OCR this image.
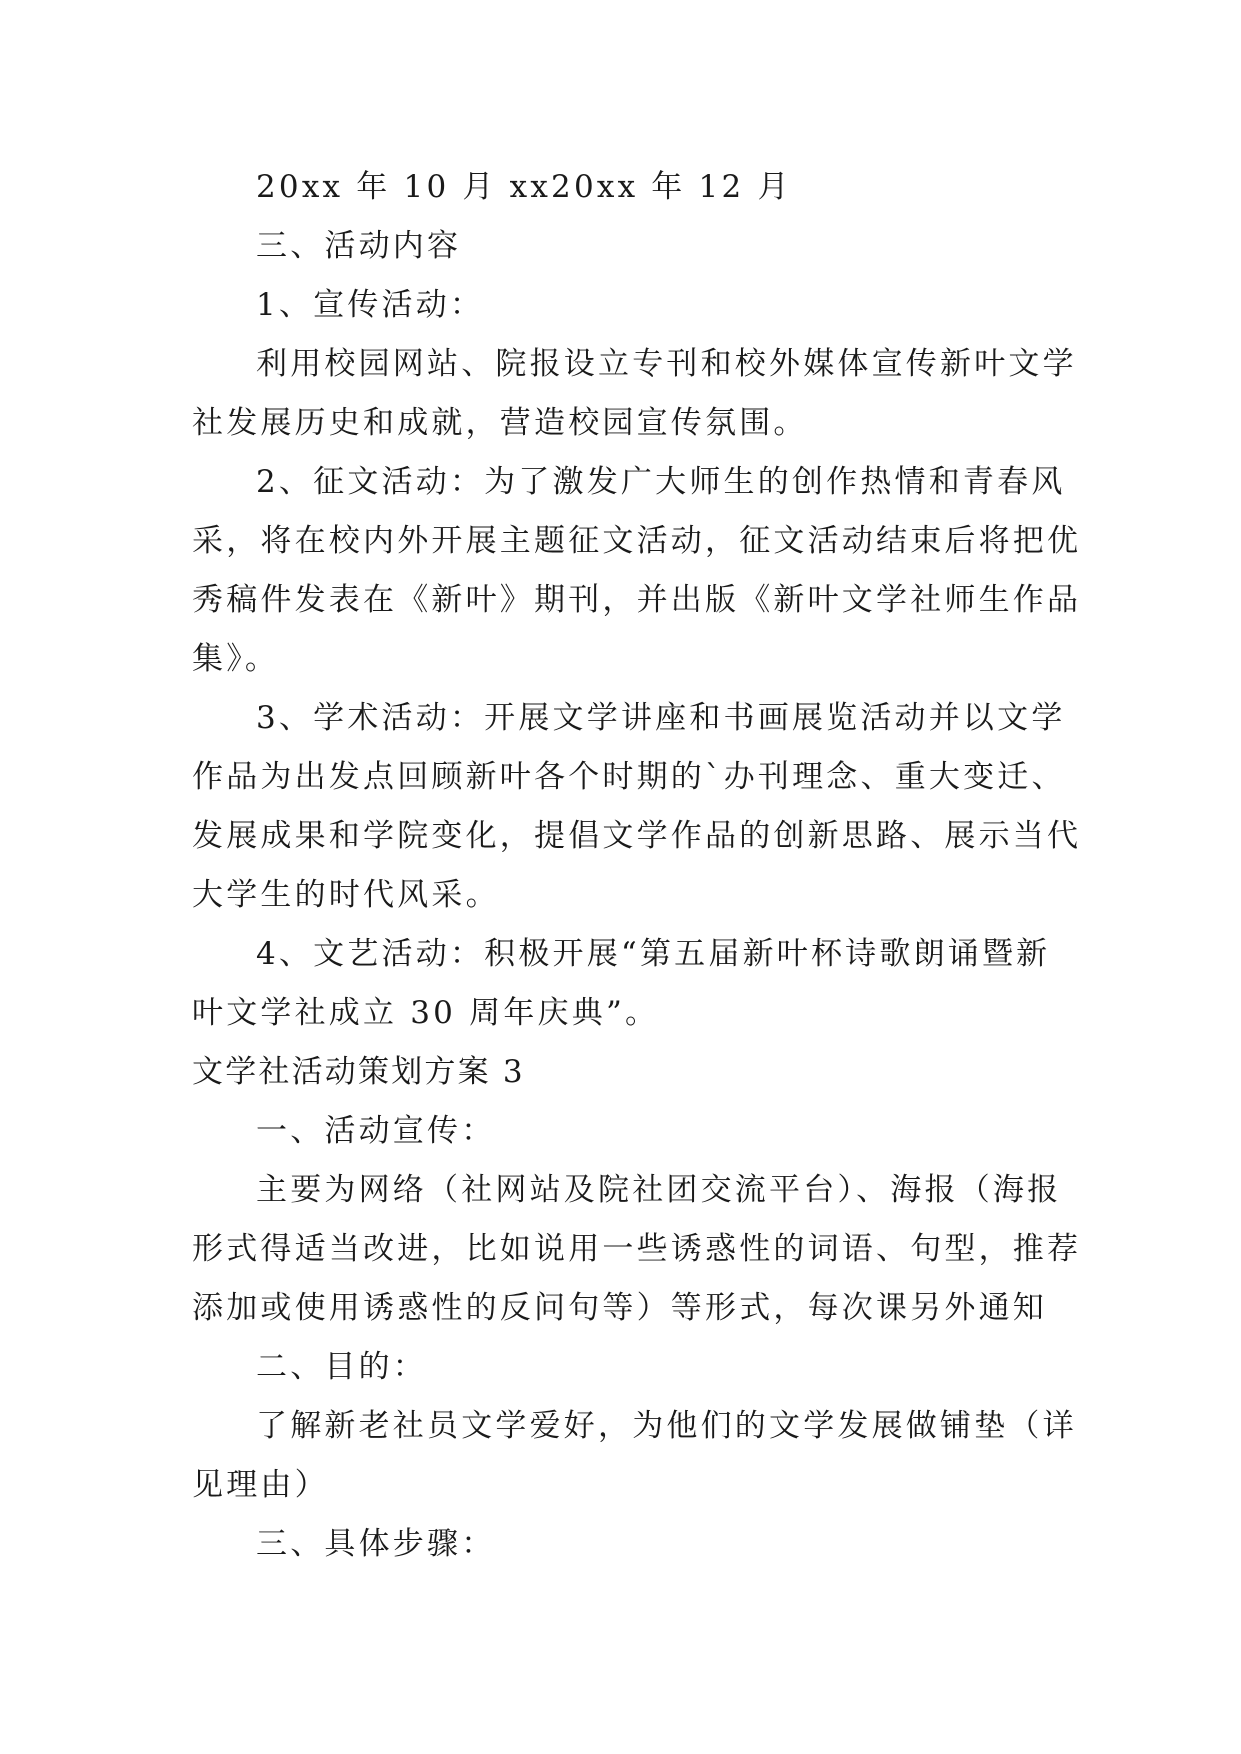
20xx 年 10 月 xx20xx 年 12 月

三、活动内容

1、宣传活动：

利用校园网站、院报设立专刊和校外媒体宣传新叶文学

社发展历史和成就，营造校园宣传氛围。

2、征文活动：为了激发广大师生的创作热情和青春风

采，将在校内外开展主题征文活动，征文活动结束后将把优

秀稿件发表在《新叶》期刊，并出版《新叶文学社师生作品

集》。

3、学术活动：开展文学讲座和书画展览活动并以文学

作品为出发点回顾新叶各个时期的`办刊理念、重大变迁、

发展成果和学院变化，提倡文学作品的创新思路、展示当代

大学生的时代风采。

4、文艺活动：积极开展“第五届新叶杯诗歌朗诵暨新

叶文学社成立 30 周年庆典”。

文学社活动策划方案 3

一、活动宣传：

主要为网络（社网站及院社团交流平台）、海报（海报

形式得适当改进，比如说用一些诱惑性的词语、句型，推荐

添加或使用诱惑性的反问句等）等形式，每次课另外通知

二、目的：

了解新老社员文学爱好，为他们的文学发展做铺垫（详

见理由）

三、具体步骤：
